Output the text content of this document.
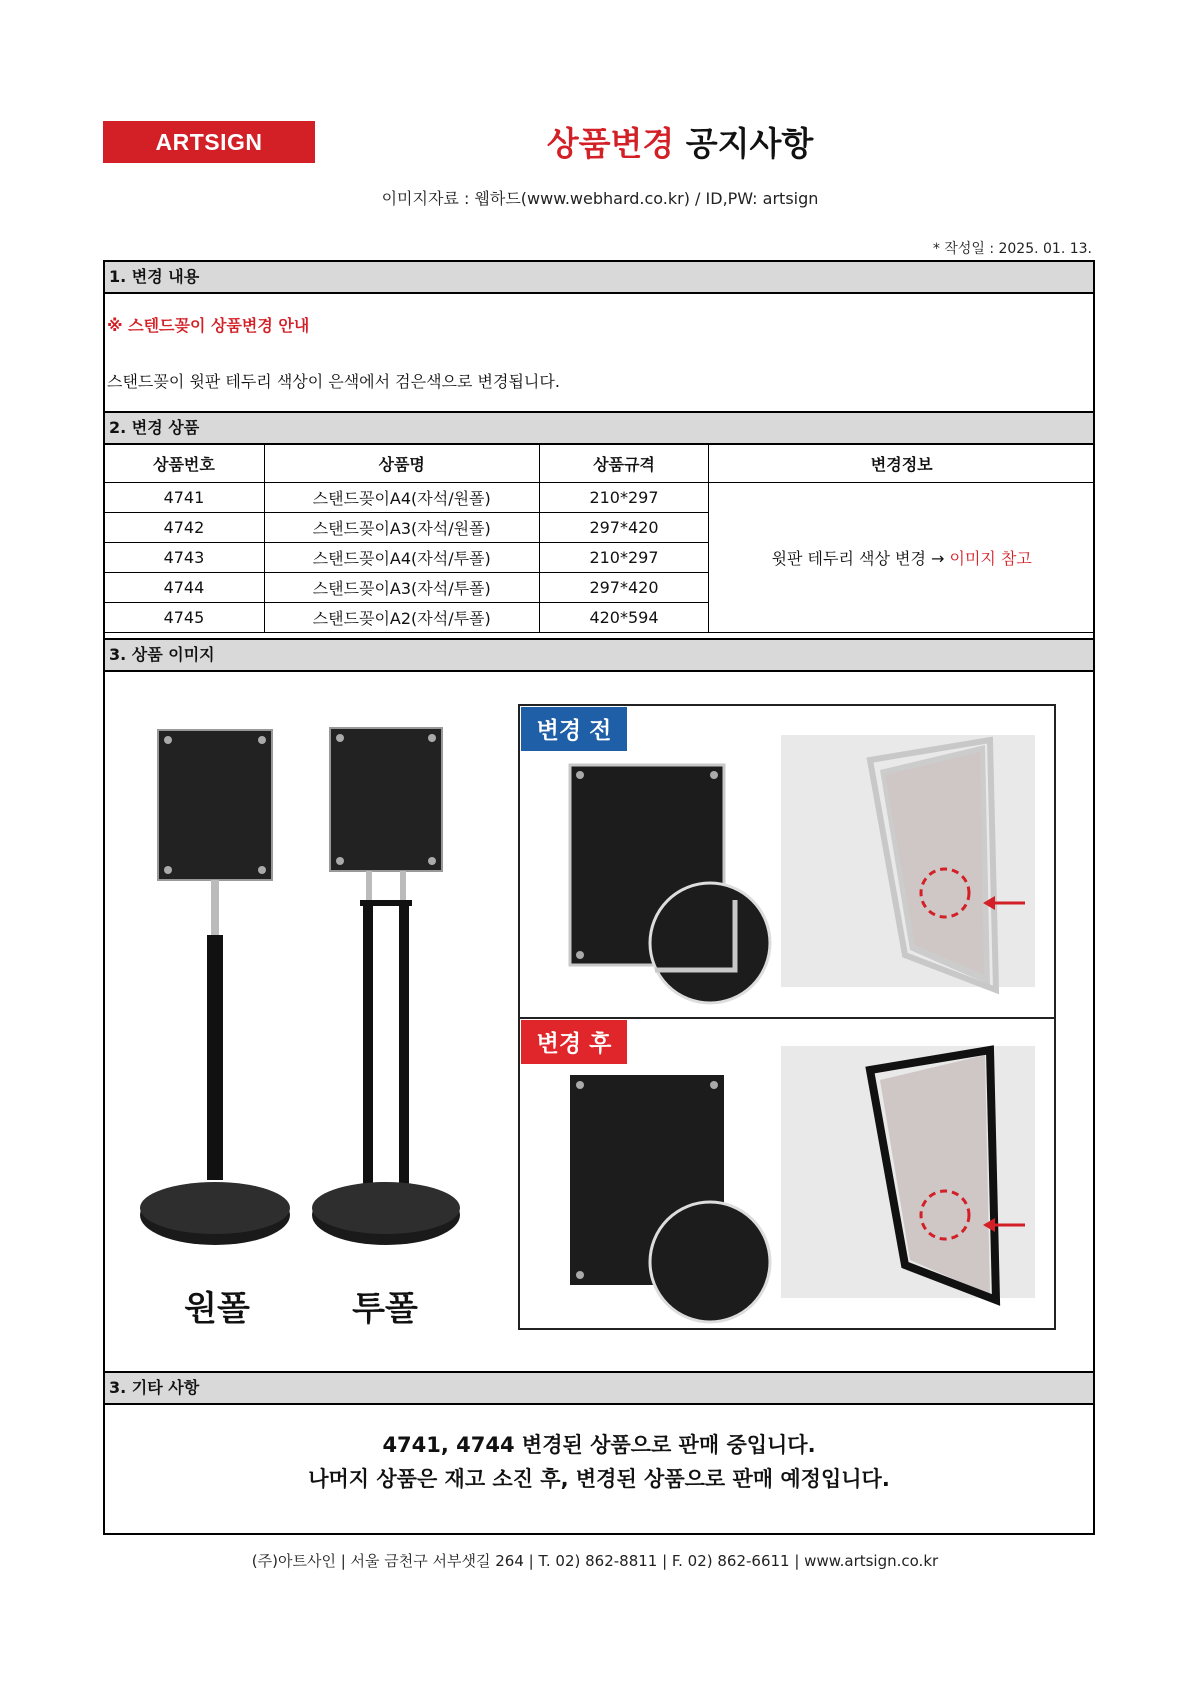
ARTSIGN	상품변경 공지사항
이미지자료 : 웹하드(www.webhard.co.kr) / ID,PW: artsign
* 작성일 : 2025. 01. 13.
1. 변경 내용
※ 스텐드꽂이 상품변경 안내
스탠드꽂이 윗판 테두리 색상이 은색에서 검은색으로 변경됩니다.
2. 변경 상품
상품번호	상품명	상품규격	변경정보
4741	스탠드꽂이A4(자석/원폴)	210*297	윗판 테두리 색상 변경 → 이미지 참고
4742	스탠드꽂이A3(자석/원폴)	297*420	
4743	스탠드꽂이A4(자석/투폴)	210*297	
4744	스탠드꽂이A3(자석/투폴)	297*420	
4745	스탠드꽂이A2(자석/투폴)	420*594	
3. 상품 이미지
원폴	투폴
변경 전
변경 후
3. 기타 사항
4741, 4744 변경된 상품으로 판매 중입니다.
나머지 상품은 재고 소진 후, 변경된 상품으로 판매 예정입니다.
(주)아트사인 | 서울 금천구 서부샛길 264 | T. 02) 862-8811 | F. 02) 862-6611 | www.artsign.co.kr
